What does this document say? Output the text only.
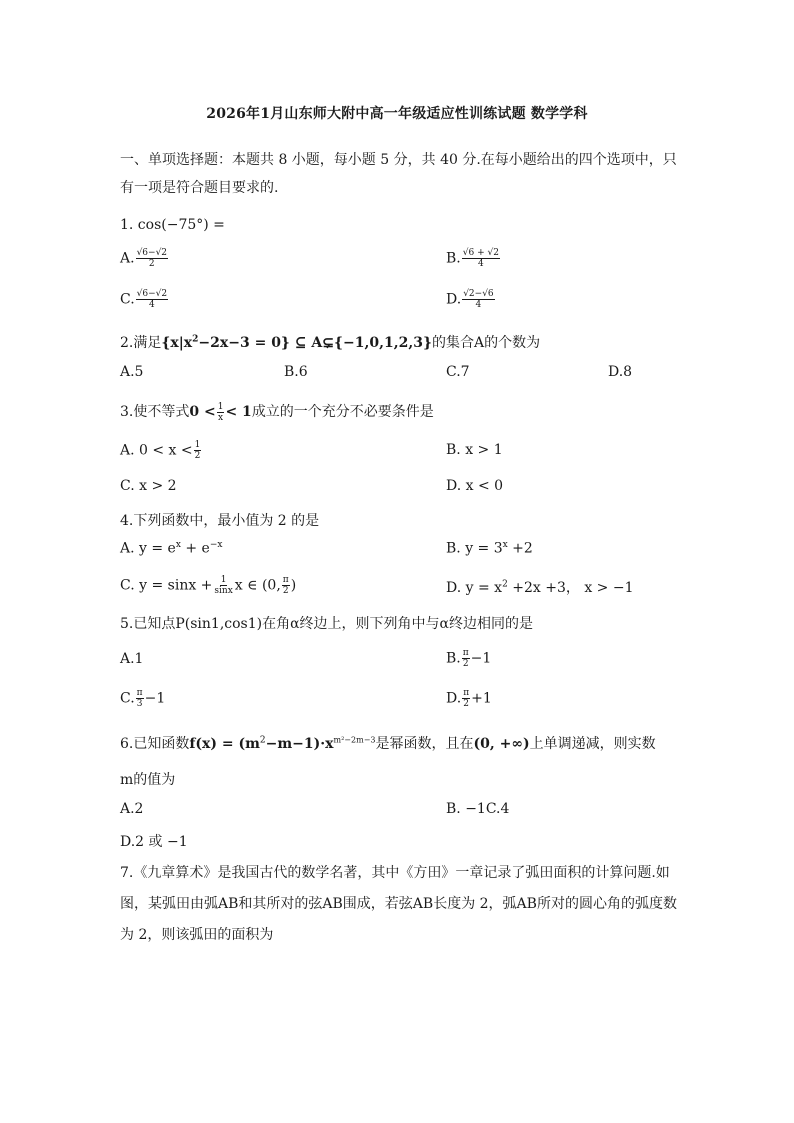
2026年1月山东师大附中高一年级适应性训练试题 数学学科
一、单项选择题：本题共 8 小题，每小题 5 分，共 40 分.在每小题给出的四个选项中，只
有一项是符合题目要求的.
1. cos(−75°) =
A. $\frac{√6-√2}{2}$	B. $\frac{√6 + √2}{4}$
C. $\frac{√6-√2}{4}$	D. $\frac{√2-√6}{4}$
2.满足$\{x|x^2-2x-3 = 0\}$ ⊆ A⊊{−1,0,1,2,3}的集合A的个数为
A.5	B.6	C.7	D.8
3.使不等式$0 < \frac{1}{x} < 1$成立的一个充分不必要条件是
A. $0 < x < \frac{1}{2}$	B. x > 1
C. x > 2	D. x < 0
4.下列函数中，最小值为 2 的是
A. $y = e^x + e^{-x}$	B. $y = 3^x +2$
C. $y = \sin x + \frac{1}{\sin x}$ x ∈ (0, $\frac{\pi}{2}$ )	D. $y = x^2 +2x +3$， x > −1
5.已知点P(sin1,cos1)在角α终边上，则下列角中与α终边相同的是
A.1	B. $\frac{\pi}{2} -1$
C. $\frac{\pi}{3} -1$	D. $\frac{\pi}{2} +1$
6.已知函数$f(x) = (m^2-m-1)\cdot x^{m^2-2m-3}$是幂函数，且在(0, +∞)上单调递减，则实数
m的值为
A.2	B. −1C.4
D.2 或 −1
7.《九章算术》是我国古代的数学名著，其中《方田》一章记录了弧田面积的计算问题.如
图，某弧田由弧AB和其所对的弦AB围成，若弦AB长度为 2，弧AB所对的圆心角的弧度数
为 2，则该弧田的面积为
